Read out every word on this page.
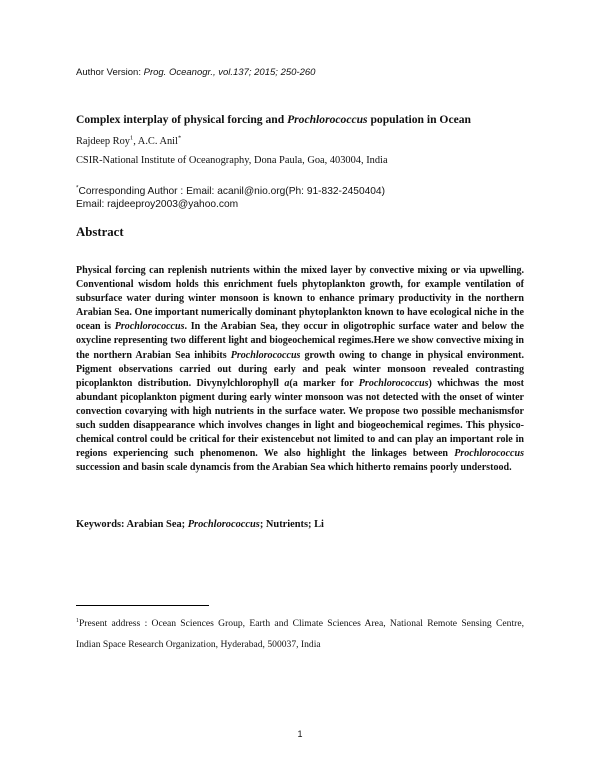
Author Version: Prog. Oceanogr., vol.137; 2015; 250-260
Complex interplay of physical forcing and Prochlorococcus population in Ocean
Rajdeep Roy$^1$, A.C. Anil*
CSIR-National Institute of Oceanography, Dona Paula, Goa, 403004, India
*Corresponding Author : Email: acanil@nio.org(Ph: 91-832-2450404)
Email: rajdeeproy2003@yahoo.com
Abstract
Physical forcing can replenish nutrients within the mixed layer by convective mixing or via upwelling. Conventional wisdom holds this enrichment fuels phytoplankton growth, for example ventilation of subsurface water during winter monsoon is known to enhance primary productivity in the northern Arabian Sea. One important numerically dominant phytoplankton known to have ecological niche in the ocean is Prochlorococcus. In the Arabian Sea, they occur in oligotrophic surface water and below the oxycline representing two different light and biogeochemical regimes.Here we show convective mixing in the northern Arabian Sea inhibits Prochlorococcus growth owing to change in physical environment. Pigment observations carried out during early and peak winter monsoon revealed contrasting picoplankton distribution. Divynylchlorophyll a(a marker for Prochlorococcus) whichwas the most abundant picoplankton pigment during early winter monsoon was not detected with the onset of winter convection covarying with high nutrients in the surface water. We propose two possible mechanismsfor such sudden disappearance which involves changes in light and biogeochemical regimes. This physico-chemical control could be critical for their existencebut not limited to and can play an important role in regions experiencing such phenomenon. We also highlight the linkages between Prochlorococcus succession and basin scale dynamcis from the Arabian Sea which hitherto remains poorly understood.
Keywords: Arabian Sea; Prochlorococcus; Nutrients; Li
$^1$Present address : Ocean Sciences Group, Earth and Climate Sciences Area, National Remote Sensing Centre, Indian Space Research Organization, Hyderabad, 500037, India
1
